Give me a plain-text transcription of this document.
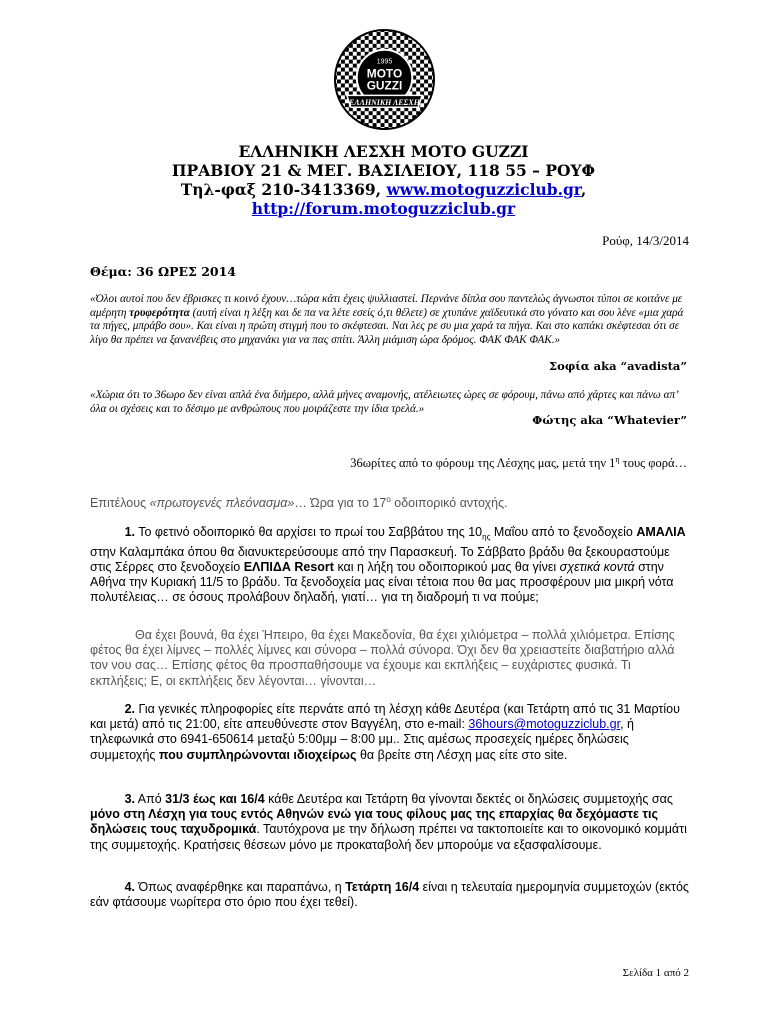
1995
MOTO
GUZZI
ΕΛΛΗΝΙΚΗ ΛΕΣΧΗ
ΕΛΛΗΝΙΚΗ ΛΕΣΧΗ MOTO GUZZI
ΠΡΑΒΙΟΥ 21 & ΜΕΓ. ΒΑΣΙΛΕΙΟΥ, 118 55 – ΡΟΥΦ
Τηλ-φαξ 210-3413369, www.motoguzziclub.gr,
http://forum.motoguzziclub.gr
Ρούφ, 14/3/2014
Θέμα: 36 ΩΡΕΣ 2014
«Όλοι αυτοί που δεν έβρισκες τι κοινό έχουν…τώρα κάτι έχεις ψυλλιαστεί. Περνάνε δίπλα σου παντελώς άγνωστοι τύποι σε κοιτάνε με αμέρητη τρυφερότητα (αυτή είναι η λέξη και δε πα να λέτε εσείς ό,τι θέλετε) σε χτυπάνε χαϊδευτικά στο γόνατο και σου λένε «μια χαρά τα πήγες, μπράβο σου». Και είναι η πρώτη στιγμή που το σκέφτεσαι. Ναι λες pε συ μια χαρά τα πήγα. Και στο καπάκι σκέφτεσαι ότι σε λίγο θα πρέπει να ξανανέβεις στο μηχανάκι για να πας σπίτι. Άλλη μιάμιση ώρα δρόμος. ΦΑΚ ΦΑΚ ΦΑΚ.»
Σοφία aka “avadista”
«Χώρια ότι το 36ωρο δεν είναι απλά ένα διήμερο, αλλά μήνες αναμονής, ατέλειωτες ώρες σε φόρουμ, πάνω από χάρτες και πάνω απ’ όλα οι σχέσεις και το δέσιμο με ανθρώπους που μοιράζεστε την ίδια τρελά.»
Φώτης aka “Whatevier”
36ωρίτες από το φόρουμ της Λέσχης μας, μετά την $1^\eta$ τους φορά…
Επιτέλους «πρωτογενές πλεόνασμα»… Ώρα για το $17^o$ οδοιπορικό αντοχής.
1. Το φετινό οδοιπορικό θα αρχίσει το πρωί του Σαββάτου της $10_{\eta\varsigma}$ Μαΐου από το ξενοδοχείο ΑΜΑΛΙΑ στην Καλαμπάκα όπου θα διανυκτερεύσουμε από την Παρασκευή. Το Σάββατο βράδυ θα ξεκουραστούμε στις Σέρρες στο ξενοδοχείο ΕΛΠΙΔΑ Resort και η λήξη του οδοιπορικού μας θα γίνει σχετικά κοντά στην Αθήνα την Κυριακή 11/5 το βράδυ. Τα ξενοδοχεία μας είναι τέτοια που θα μας προσφέρουν μια μικρή νότα πολυτέλειας… σε όσους προλάβουν δηλαδή, γιατί… για τη διαδρομή τι να πούμε;
Θα έχει βουνά, θα έχει Ήπειρο, θα έχει Μακεδονία, θα έχει χιλιόμετρα – πολλά χιλιόμετρα. Επίσης φέτος θα έχει λίμνες – πολλές λίμνες και σύνορα – πολλά σύνορα. Όχι δεν θα χρειαστείτε διαβατήριο αλλά τον νου σας… Επίσης φέτος θα προσπαθήσουμε να έχουμε και εκπλήξεις – ευχάριστες φυσικά. Τι εκπλήξεις; Ε, οι εκπλήξεις δεν λέγονται… γίνονται…
2. Για γενικές πληροφορίες είτε περνάτε από τη λέσχη κάθε Δευτέρα (και Τετάρτη από τις 31 Μαρτίου και μετά) από τις 21:00, είτε απευθύνεστε στον Βαγγέλη, στο e-mail: 36hours@motoguzziclub.gr, ή τηλεφωνικά στο 6941-650614 μεταξύ 5:00μμ – 8:00 μμ.. Στις αμέσως προσεχείς ημέρες δηλώσεις συμμετοχής που συμπληρώνονται ιδιοχείρως θα βρείτε στη Λέσχη μας είτε στο site.
3. Από 31/3 έως και 16/4 κάθε Δευτέρα και Τετάρτη θα γίνονται δεκτές οι δηλώσεις συμμετοχής σας μόνο στη Λέσχη για τους εντός Αθηνών ενώ για τους φίλους μας της επαρχίας θα δεχόμαστε τις δηλώσεις τους ταχυδρομικά. Ταυτόχρονα με την δήλωση πρέπει να τακτοποιείτε και το οικονομικό κομμάτι της συμμετοχής. Κρατήσεις θέσεων μόνο με προκαταβολή δεν μπορούμε να εξασφαλίσουμε.
4. Όπως αναφέρθηκε και παραπάνω, η Τετάρτη 16/4 είναι η τελευταία ημερομηνία συμμετοχών (εκτός εάν φτάσουμε νωρίτερα στο όριο που έχει τεθεί).
Σελίδα 1 από 2
